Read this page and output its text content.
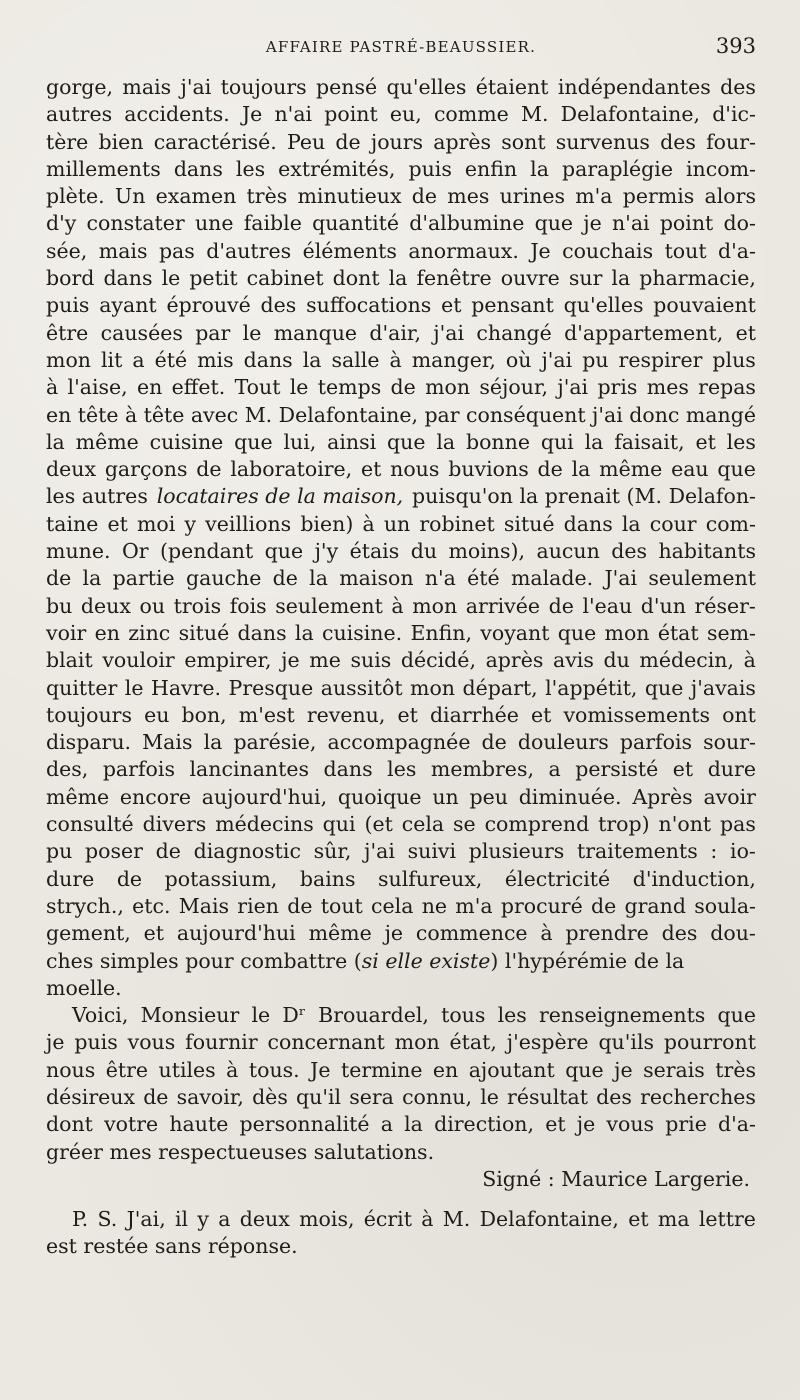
AFFAIRE PASTRÉ-BEAUSSIER.	393
gorge, mais j'ai toujours pensé qu'elles étaient indépendantes des
autres accidents. Je n'ai point eu, comme M. Delafontaine, d'ic-
tère bien caractérisé. Peu de jours après sont survenus des four-
millements dans les extrémités, puis enfin la paraplégie incom-
plète. Un examen très minutieux de mes urines m'a permis alors
d'y constater une faible quantité d'albumine que je n'ai point do-
sée, mais pas d'autres éléments anormaux. Je couchais tout d'a-
bord dans le petit cabinet dont la fenêtre ouvre sur la pharmacie,
puis ayant éprouvé des suffocations et pensant qu'elles pouvaient
être causées par le manque d'air, j'ai changé d'appartement, et
mon lit a été mis dans la salle à manger, où j'ai pu respirer plus
à l'aise, en effet. Tout le temps de mon séjour, j'ai pris mes repas
en tête à tête avec M. Delafontaine, par conséquent j'ai donc mangé
la même cuisine que lui, ainsi que la bonne qui la faisait, et les
deux garçons de laboratoire, et nous buvions de la même eau que
les autres locataires de la maison, puisqu'on la prenait (M. Delafon-
taine et moi y veillions bien) à un robinet situé dans la cour com-
mune. Or (pendant que j'y étais du moins), aucun des habitants
de la partie gauche de la maison n'a été malade. J'ai seulement
bu deux ou trois fois seulement à mon arrivée de l'eau d'un réser-
voir en zinc situé dans la cuisine. Enfin, voyant que mon état sem-
blait vouloir empirer, je me suis décidé, après avis du médecin, à
quitter le Havre. Presque aussitôt mon départ, l'appétit, que j'avais
toujours eu bon, m'est revenu, et diarrhée et vomissements ont
disparu. Mais la parésie, accompagnée de douleurs parfois sour-
des, parfois lancinantes dans les membres, a persisté et dure
même encore aujourd'hui, quoique un peu diminuée. Après avoir
consulté divers médecins qui (et cela se comprend trop) n'ont pas
pu poser de diagnostic sûr, j'ai suivi plusieurs traitements : io-
dure de potassium, bains sulfureux, électricité d'induction,
strych., etc. Mais rien de tout cela ne m'a procuré de grand soula-
gement, et aujourd'hui même je commence à prendre des dou-
ches simples pour combattre (si elle existe) l'hypérémie de la
moelle.
Voici, Monsieur le Dʳ Brouardel, tous les renseignements que
je puis vous fournir concernant mon état, j'espère qu'ils pourront
nous être utiles à tous. Je termine en ajoutant que je serais très
désireux de savoir, dès qu'il sera connu, le résultat des recherches
dont votre haute personnalité a la direction, et je vous prie d'a-
gréer mes respectueuses salutations.
Signé : Maurice Largerie.
P. S. J'ai, il y a deux mois, écrit à M. Delafontaine, et ma lettre
est restée sans réponse.
